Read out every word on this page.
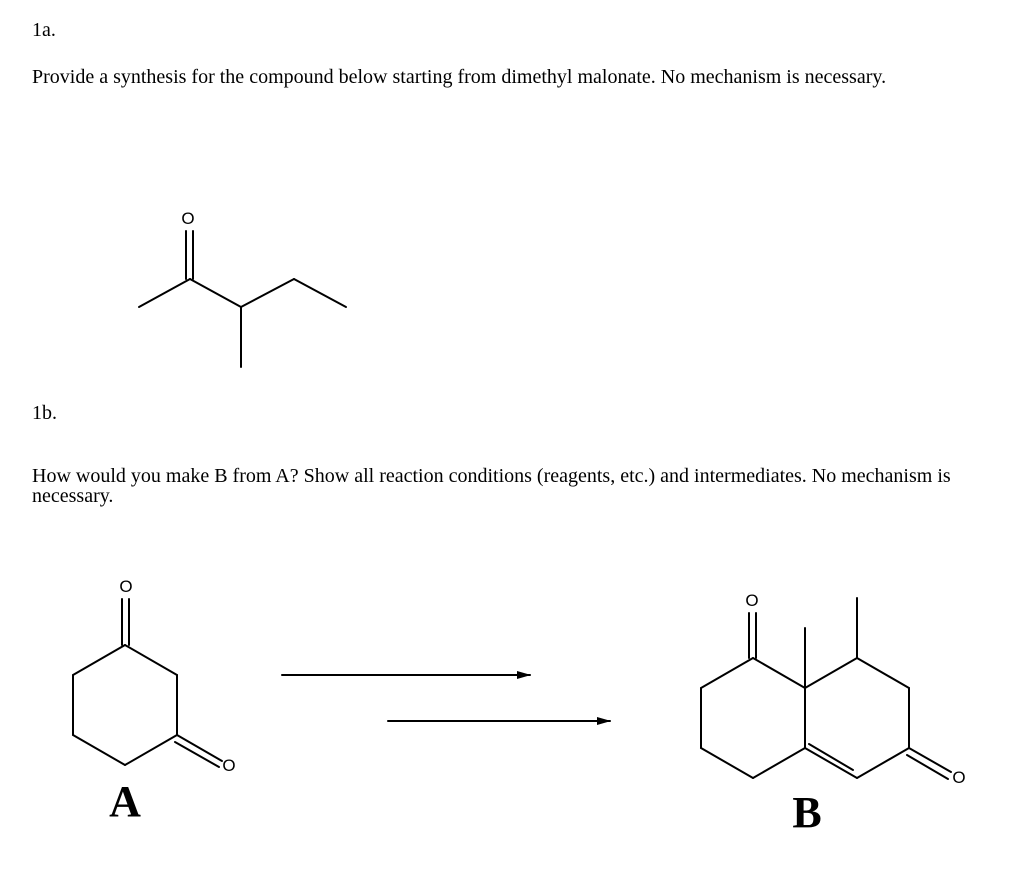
1a.

Provide a synthesis for the compound below starting from dimethyl malonate. No mechanism is necessary.

1b.

How would you make B from A? Show all reaction conditions (reagents, etc.) and intermediates. No mechanism is necessary.

O
O
O
A
O
O
B
